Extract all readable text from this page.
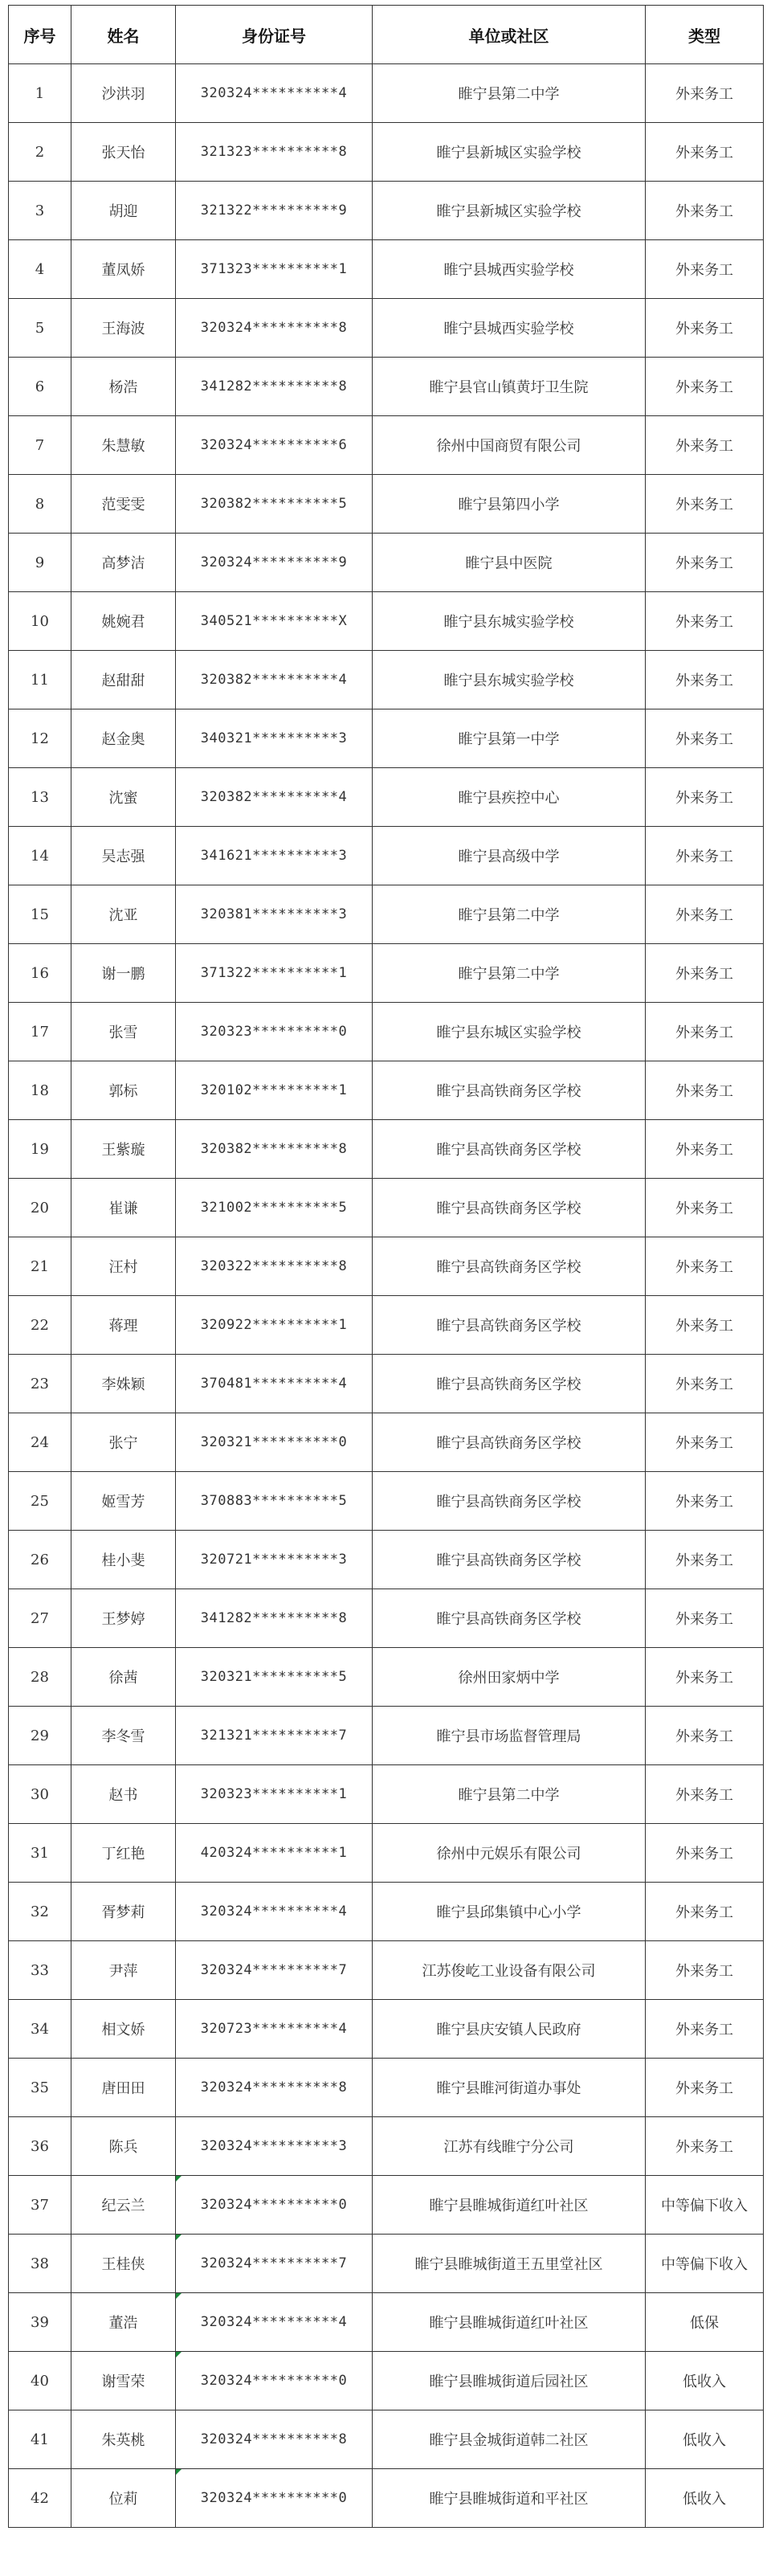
序号	姓名	身份证号	单位或社区	类型
1	沙洪羽	320324**********4	睢宁县第二中学	外来务工
2	张天怡	321323**********8	睢宁县新城区实验学校	外来务工
3	胡迎	321322**********9	睢宁县新城区实验学校	外来务工
4	董凤娇	371323**********1	睢宁县城西实验学校	外来务工
5	王海波	320324**********8	睢宁县城西实验学校	外来务工
6	杨浩	341282**********8	睢宁县官山镇黄圩卫生院	外来务工
7	朱慧敏	320324**********6	徐州中国商贸有限公司	外来务工
8	范雯雯	320382**********5	睢宁县第四小学	外来务工
9	高梦洁	320324**********9	睢宁县中医院	外来务工
10	姚婉君	340521**********X	睢宁县东城实验学校	外来务工
11	赵甜甜	320382**********4	睢宁县东城实验学校	外来务工
12	赵金奥	340321**********3	睢宁县第一中学	外来务工
13	沈蜜	320382**********4	睢宁县疾控中心	外来务工
14	吴志强	341621**********3	睢宁县高级中学	外来务工
15	沈亚	320381**********3	睢宁县第二中学	外来务工
16	谢一鹏	371322**********1	睢宁县第二中学	外来务工
17	张雪	320323**********0	睢宁县东城区实验学校	外来务工
18	郭标	320102**********1	睢宁县高铁商务区学校	外来务工
19	王紫璇	320382**********8	睢宁县高铁商务区学校	外来务工
20	崔谦	321002**********5	睢宁县高铁商务区学校	外来务工
21	汪村	320322**********8	睢宁县高铁商务区学校	外来务工
22	蒋理	320922**********1	睢宁县高铁商务区学校	外来务工
23	李姝颖	370481**********4	睢宁县高铁商务区学校	外来务工
24	张宁	320321**********0	睢宁县高铁商务区学校	外来务工
25	姬雪芳	370883**********5	睢宁县高铁商务区学校	外来务工
26	桂小斐	320721**********3	睢宁县高铁商务区学校	外来务工
27	王梦婷	341282**********8	睢宁县高铁商务区学校	外来务工
28	徐茜	320321**********5	徐州田家炳中学	外来务工
29	李冬雪	321321**********7	睢宁县市场监督管理局	外来务工
30	赵书	320323**********1	睢宁县第二中学	外来务工
31	丁红艳	420324**********1	徐州中元娱乐有限公司	外来务工
32	胥梦莉	320324**********4	睢宁县邱集镇中心小学	外来务工
33	尹萍	320324**********7	江苏俊屹工业设备有限公司	外来务工
34	相文娇	320723**********4	睢宁县庆安镇人民政府	外来务工
35	唐田田	320324**********8	睢宁县睢河街道办事处	外来务工
36	陈兵	320324**********3	江苏有线睢宁分公司	外来务工
37	纪云兰	320324**********0	睢宁县睢城街道红叶社区	中等偏下收入
38	王桂侠	320324**********7	睢宁县睢城街道王五里堂社区	中等偏下收入
39	董浩	320324**********4	睢宁县睢城街道红叶社区	低保
40	谢雪荣	320324**********0	睢宁县睢城街道后园社区	低收入
41	朱英桃	320324**********8	睢宁县金城街道韩二社区	低收入
42	位莉	320324**********0	睢宁县睢城街道和平社区	低收入
